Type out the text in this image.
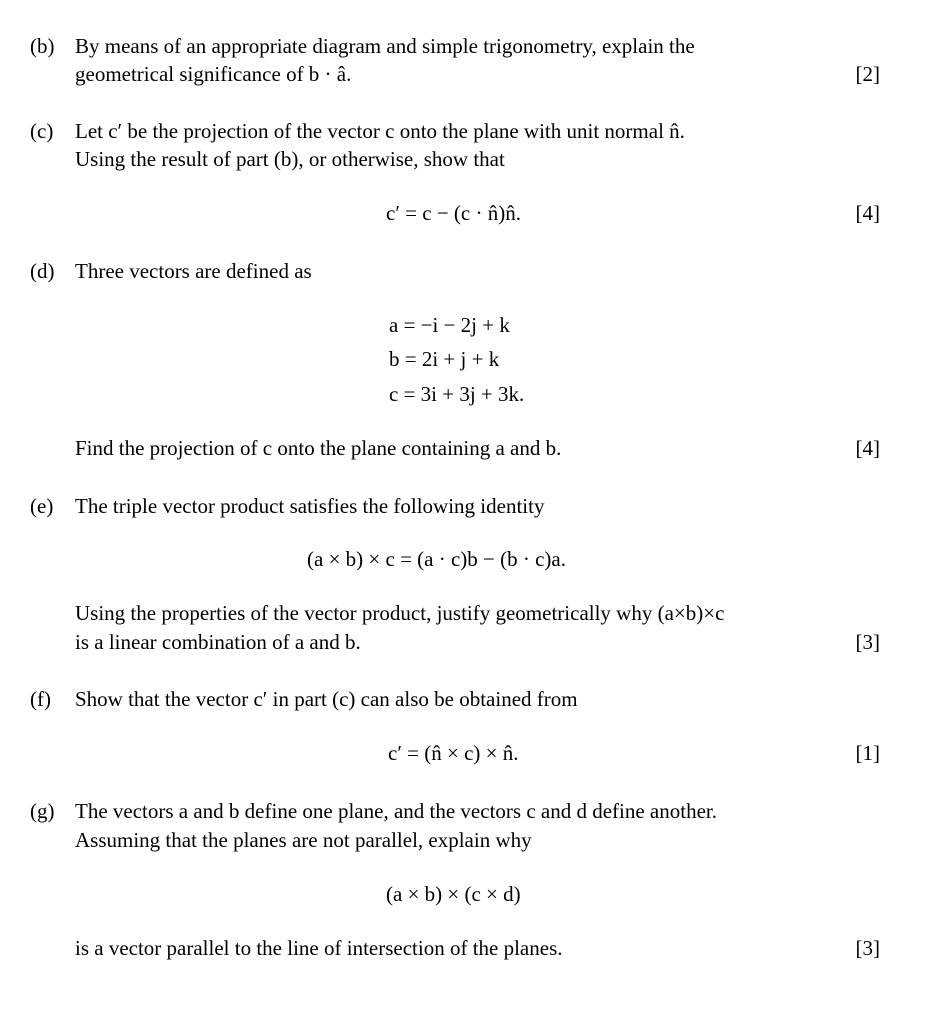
(b) By means of an appropriate diagram and simple trigonometry, explain the
geometrical significance of b · â.	[2]
(c) Let c′ be the projection of the vector c onto the plane with unit normal n̂.
Using the result of part (b), or otherwise, show that
c′ = c − (c · n̂)n̂.	[4]
(d) Three vectors are defined as
a = −i − 2j + k
b = 2i + j + k
c = 3i + 3j + 3k.
Find the projection of c onto the plane containing a and b.	[4]
(e) The triple vector product satisfies the following identity
(a × b) × c = (a · c)b − (b · c)a.
Using the properties of the vector product, justify geometrically why (a×b)×c
is a linear combination of a and b.	[3]
(f) Show that the vector c′ in part (c) can also be obtained from
c′ = (n̂ × c) × n̂.	[1]
(g) The vectors a and b define one plane, and the vectors c and d define another.
Assuming that the planes are not parallel, explain why
(a × b) × (c × d)
is a vector parallel to the line of intersection of the planes.	[3]
